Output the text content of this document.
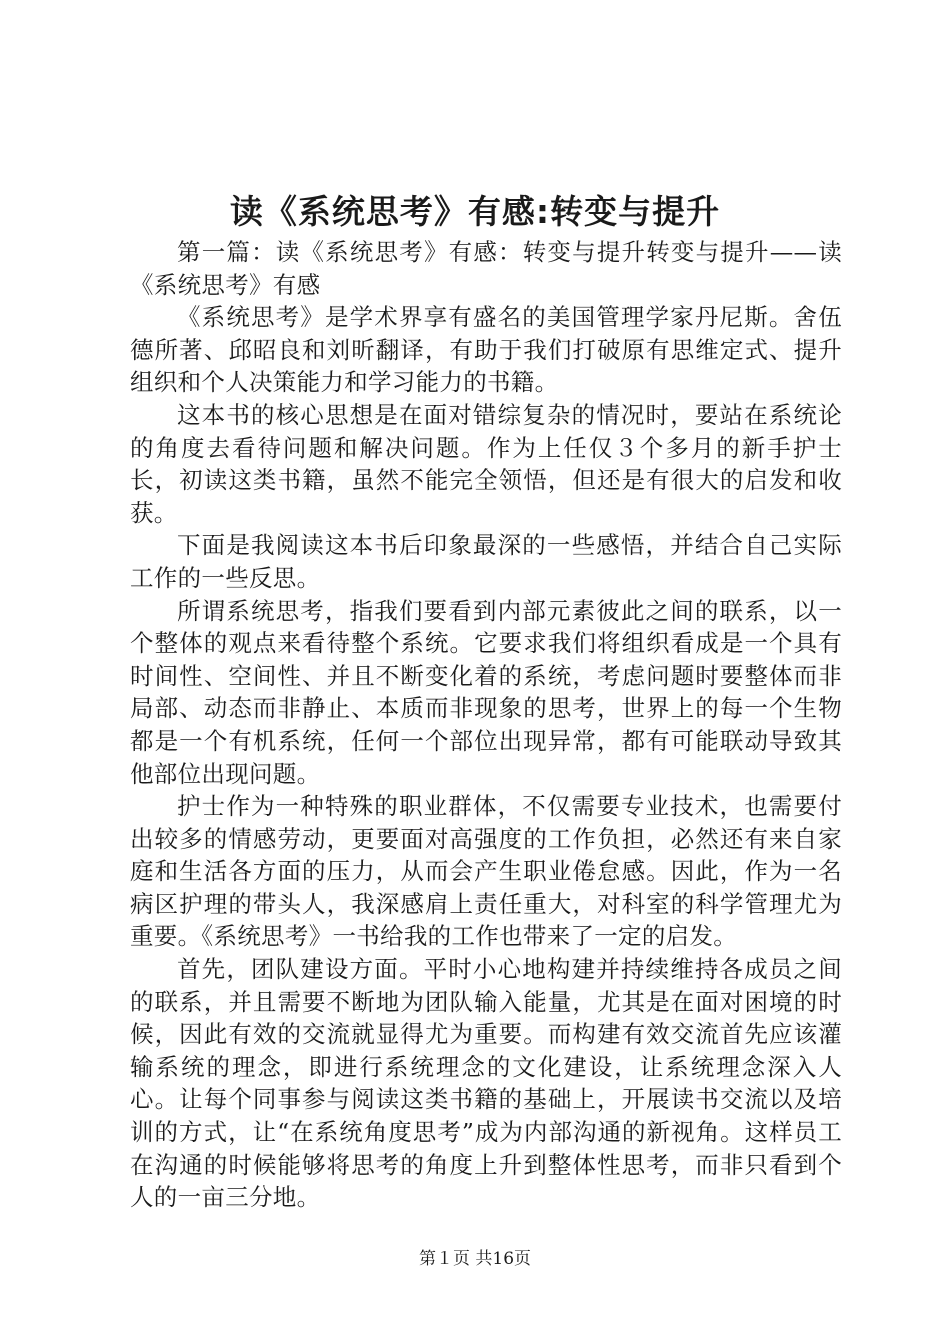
读《系统思考》有感:转变与提升

第一篇：读《系统思考》有感：转变与提升转变与提升——读《系统思考》有感

《系统思考》是学术界享有盛名的美国管理学家丹尼斯。舍伍德所著、邱昭良和刘昕翻译，有助于我们打破原有思维定式、提升组织和个人决策能力和学习能力的书籍。

这本书的核心思想是在面对错综复杂的情况时，要站在系统论的角度去看待问题和解决问题。作为上任仅３个多月的新手护士长，初读这类书籍，虽然不能完全领悟，但还是有很大的启发和收获。

下面是我阅读这本书后印象最深的一些感悟，并结合自己实际工作的一些反思。

所谓系统思考，指我们要看到内部元素彼此之间的联系，以一个整体的观点来看待整个系统。它要求我们将组织看成是一个具有时间性、空间性、并且不断变化着的系统，考虑问题时要整体而非局部、动态而非静止、本质而非现象的思考，世界上的每一个生物都是一个有机系统，任何一个部位出现异常，都有可能联动导致其他部位出现问题。

护士作为一种特殊的职业群体，不仅需要专业技术，也需要付出较多的情感劳动，更要面对高强度的工作负担，必然还有来自家庭和生活各方面的压力，从而会产生职业倦怠感。因此，作为一名病区护理的带头人，我深感肩上责任重大，对科室的科学管理尤为重要。《系统思考》一书给我的工作也带来了一定的启发。

首先，团队建设方面。平时小心地构建并持续维持各成员之间的联系，并且需要不断地为团队输入能量，尤其是在面对困境的时候，因此有效的交流就显得尤为重要。而构建有效交流首先应该灌输系统的理念，即进行系统理念的文化建设，让系统理念深入人心。让每个同事参与阅读这类书籍的基础上，开展读书交流以及培训的方式，让“在系统角度思考”成为内部沟通的新视角。这样员工在沟通的时候能够将思考的角度上升到整体性思考，而非只看到个人的一亩三分地。

第１页 共16页
